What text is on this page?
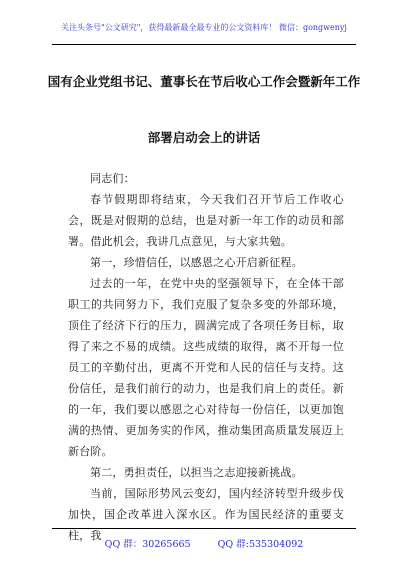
关注头条号"公文研究"，获得最新最全最专业的公文资料库！ 微信：gongwenyj
国有企业党组书记、董事长在节后收心工作会暨新年工作
部署启动会上的讲话

同志们：

春节假期即将结束，今天我们召开节后工作收心会，既是对假期的总结，也是对新一年工作的动员和部署。借此机会，我讲几点意见，与大家共勉。

第一，珍惜信任，以感恩之心开启新征程。

过去的一年，在党中央的坚强领导下，在全体干部职工的共同努力下，我们克服了复杂多变的外部环境，顶住了经济下行的压力，圆满完成了各项任务目标，取得了来之不易的成绩。这些成绩的取得，离不开每一位员工的辛勤付出，更离不开党和人民的信任与支持。这份信任，是我们前行的动力，也是我们肩上的责任。新的一年，我们要以感恩之心对待每一份信任，以更加饱满的热情、更加务实的作风，推动集团高质量发展迈上新台阶。

第二，勇担责任，以担当之志迎接新挑战。

当前，国际形势风云变幻，国内经济转型升级步伐加快，国企改革进入深水区。作为国民经济的重要支柱，我

QQ 群：30265665	QQ 群:535304092
